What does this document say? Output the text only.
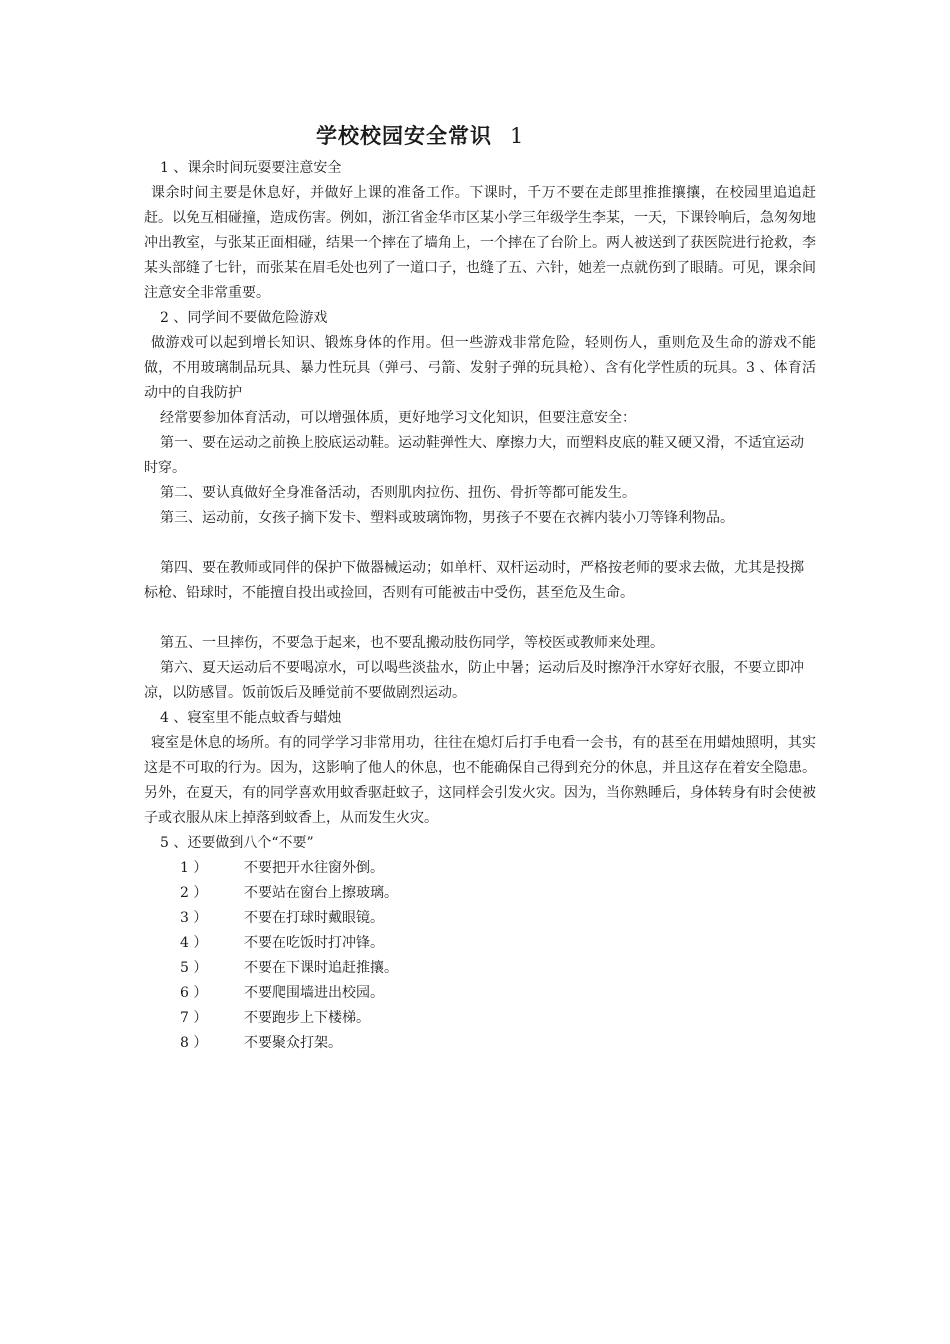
学校校园安全常识 1

1 、课余时间玩耍要注意安全

课余时间主要是休息好，并做好上课的准备工作。下课时，千万不要在走郎里推推攘攘，在校园里追追赶赶。以免互相碰撞，造成伤害。例如，浙江省金华市区某小学三年级学生李某，一天，下课铃响后，急匆匆地冲出教室，与张某正面相碰，结果一个摔在了墙角上，一个摔在了台阶上。两人被送到了获医院进行抢救，李某头部缝了七针，而张某在眉毛处也列了一道口子，也缝了五、六针，她差一点就伤到了眼睛。可见，课余间注意安全非常重要。

2 、同学间不要做危险游戏

做游戏可以起到增长知识、锻炼身体的作用。但一些游戏非常危险，轻则伤人，重则危及生命的游戏不能做，不用玻璃制品玩具、暴力性玩具（弹弓、弓箭、发射子弹的玩具枪）、含有化学性质的玩具。3 、体育活动中的自我防护

经常要参加体育活动，可以增强体质，更好地学习文化知识，但要注意安全：

第一、要在运动之前换上胶底运动鞋。运动鞋弹性大、摩擦力大，而塑料皮底的鞋又硬又滑，不适宜运动时穿。

第二、要认真做好全身准备活动，否则肌肉拉伤、扭伤、骨折等都可能发生。

第三、运动前，女孩子摘下发卡、塑料或玻璃饰物，男孩子不要在衣裤内装小刀等锋利物品。

第四、要在教师或同伴的保护下做器械运动；如单杆、双杆运动时，严格按老师的要求去做，尤其是投掷标枪、铅球时，不能擅自投出或捡回，否则有可能被击中受伤，甚至危及生命。

第五、一旦摔伤，不要急于起来，也不要乱搬动肢伤同学，等校医或教师来处理。

第六、夏天运动后不要喝凉水，可以喝些淡盐水，防止中暑；运动后及时擦净汗水穿好衣服，不要立即冲凉，以防感冒。饭前饭后及睡觉前不要做剧烈运动。

4 、寝室里不能点蚊香与蜡烛

寝室是休息的场所。有的同学学习非常用功，往往在熄灯后打手电看一会书，有的甚至在用蜡烛照明，其实这是不可取的行为。因为，这影响了他人的休息，也不能确保自己得到充分的休息，并且这存在着安全隐患。另外，在夏天，有的同学喜欢用蚊香驱赶蚊子，这同样会引发火灾。因为，当你熟睡后，身体转身有时会使被子或衣服从床上掉落到蚊香上，从而发生火灾。

5 、还要做到八个“不要”

1 ）	不要把开水往窗外倒。

2 ）	不要站在窗台上擦玻璃。

3 ）	不要在打球时戴眼镜。

4 ）	不要在吃饭时打冲锋。

5 ）	不要在下课时追赶推攘。

6 ）	不要爬围墙进出校园。

7 ）	不要跑步上下楼梯。

8 ）	不要聚众打架。
